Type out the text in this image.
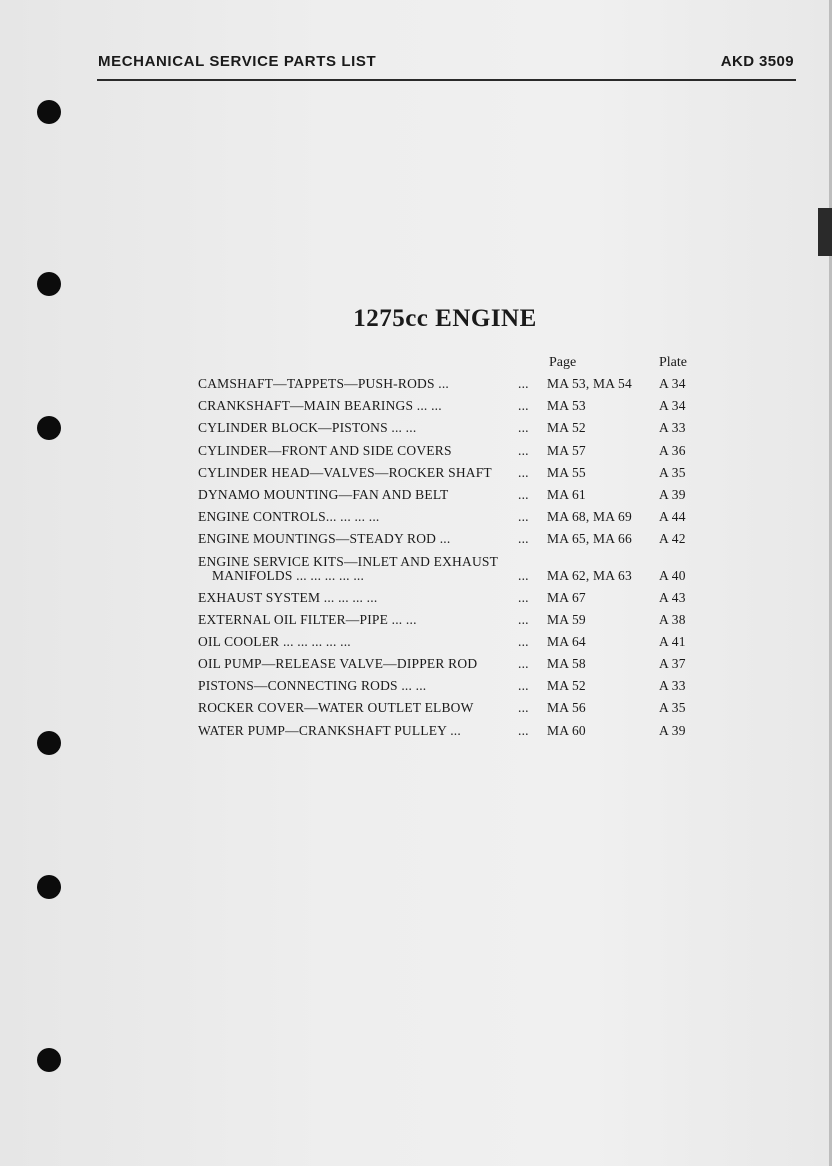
MECHANICAL SERVICE PARTS LIST	AKD 3509
1275cc ENGINE
Page	Plate
CAMSHAFT—TAPPETS—PUSH-RODS ...	... MA 53, MA 54 A 34
CRANKSHAFT—MAIN BEARINGS ... ...	... MA 53	A 34
CYLINDER BLOCK—PISTONS ... ...	... MA 52	A 33
CYLINDER—FRONT AND SIDE COVERS	... MA 57	A 36
CYLINDER HEAD—VALVES—ROCKER SHAFT ... MA 55	A 35
DYNAMO MOUNTING—FAN AND BELT	... MA 61	A 39
ENGINE CONTROLS... ... ... ...	... MA 68, MA 69 A 44
ENGINE MOUNTINGS—STEADY ROD ...	... MA 65, MA 66 A 42
ENGINE SERVICE KITS—INLET AND EXHAUST
MANIFOLDS ... ... ... ... ...	... MA 62, MA 63 A 40
EXHAUST SYSTEM ... ... ... ...	... MA 67	A 43
EXTERNAL OIL FILTER—PIPE ... ...	... MA 59	A 38
OIL COOLER ... ... ... ... ...	... MA 64	A 41
OIL PUMP—RELEASE VALVE—DIPPER ROD	... MA 58	A 37
PISTONS—CONNECTING RODS ... ...	... MA 52	A 33
ROCKER COVER—WATER OUTLET ELBOW	... MA 56	A 35
WATER PUMP—CRANKSHAFT PULLEY ...	... MA 60	A 39
